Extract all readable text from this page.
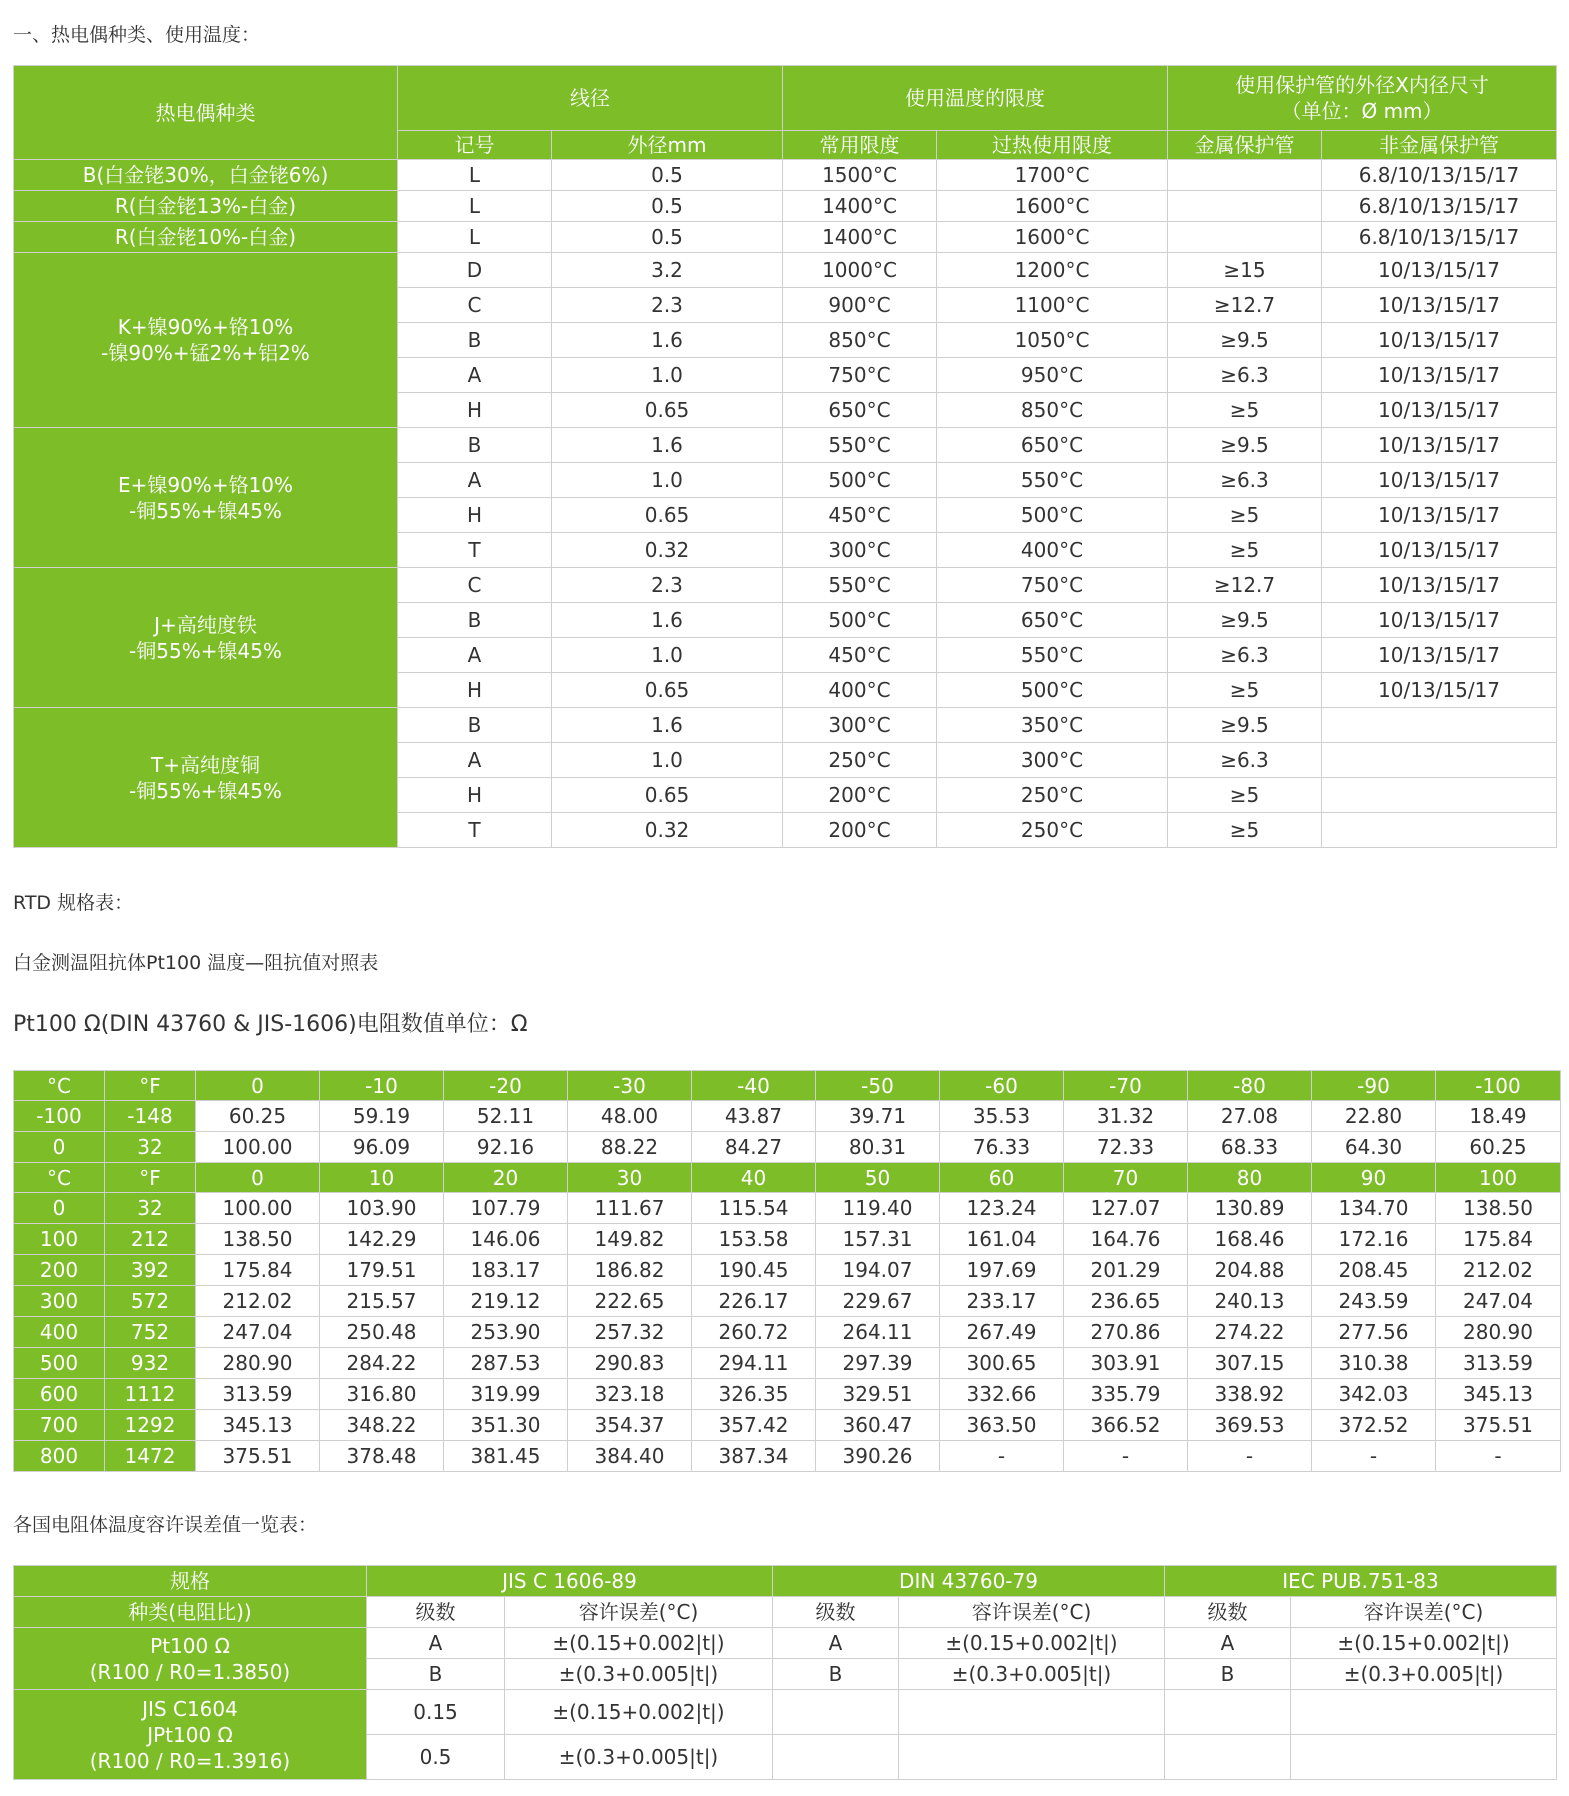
一、热电偶种类、使用温度：
热电偶种类	线径		使用温度的限度		使用保护管的外径X内径尺寸
（单位：Ø mm）	

	记号	外径mm	常用限度	过热使用限度	金属保护管	非金属保护管

B(白金铑30%，白金铑6%)	L	0.5	1500°C	1700°C		6.8/10/13/15/17

R(白金铑13%-白金)	L	0.5	1400°C	1600°C		6.8/10/13/15/17

R(白金铑10%-白金)	L	0.5	1400°C	1600°C		6.8/10/13/15/17

K+镍90%+铬10%
-镍90%+锰2%+铝2%	D	3.2	1000°C	1200°C	≥15	10/13/15/17
	C	2.3	900°C	1100°C	≥12.7	10/13/15/17
	B	1.6	850°C	1050°C	≥9.5	10/13/15/17
	A	1.0	750°C	950°C	≥6.3	10/13/15/17
	H	0.65	650°C	850°C	≥5	10/13/15/17

E+镍90%+铬10%
-铜55%+镍45%	B	1.6	550°C	650°C	≥9.5	10/13/15/17
	A	1.0	500°C	550°C	≥6.3	10/13/15/17
	H	0.65	450°C	500°C	≥5	10/13/15/17
	T	0.32	300°C	400°C	≥5	10/13/15/17

J+高纯度铁
-铜55%+镍45%	C	2.3	550°C	750°C	≥12.7	10/13/15/17
	B	1.6	500°C	650°C	≥9.5	10/13/15/17
	A	1.0	450°C	550°C	≥6.3	10/13/15/17
	H	0.65	400°C	500°C	≥5	10/13/15/17

T+高纯度铜
-铜55%+镍45%	B	1.6	300°C	350°C	≥9.5	
	A	1.0	250°C	300°C	≥6.3	
	H	0.65	200°C	250°C	≥5	
	T	0.32	200°C	250°C	≥5	
RTD 规格表：
白金测温阻抗体Pt100 温度—阻抗值对照表
Pt100 Ω(DIN 43760 & JIS-1606)电阻数值单位：Ω
°C	°F	0	-10	-20	-30	-40	-50	-60	-70	-80	-90	-100
-100	-148	60.25	59.19	52.11	48.00	43.87	39.71	35.53	31.32	27.08	22.80	18.49
0	32	100.00	96.09	92.16	88.22	84.27	80.31	76.33	72.33	68.33	64.30	60.25
°C	°F	0	10	20	30	40	50	60	70	80	90	100
0	32	100.00	103.90	107.79	111.67	115.54	119.40	123.24	127.07	130.89	134.70	138.50
100	212	138.50	142.29	146.06	149.82	153.58	157.31	161.04	164.76	168.46	172.16	175.84
200	392	175.84	179.51	183.17	186.82	190.45	194.07	197.69	201.29	204.88	208.45	212.02
300	572	212.02	215.57	219.12	222.65	226.17	229.67	233.17	236.65	240.13	243.59	247.04
400	752	247.04	250.48	253.90	257.32	260.72	264.11	267.49	270.86	274.22	277.56	280.90
500	932	280.90	284.22	287.53	290.83	294.11	297.39	300.65	303.91	307.15	310.38	313.59
600	1112	313.59	316.80	319.99	323.18	326.35	329.51	332.66	335.79	338.92	342.03	345.13
700	1292	345.13	348.22	351.30	354.37	357.42	360.47	363.50	366.52	369.53	372.52	375.51
800	1472	375.51	378.48	381.45	384.40	387.34	390.26	-	-	-	-	-
各国电阻体温度容许误差值一览表：
规格	JIS C 1606-89		DIN 43760-79		IEC PUB.751-83	
种类(电阻比))	级数	容许误差(°C)	级数	容许误差(°C)	级数	容许误差(°C)

Pt100 Ω
(R100 / R0=1.3850)	A	±(0.15+0.002|t|)	A	±(0.15+0.002|t|)	A	±(0.15+0.002|t|)
	B	±(0.3+0.005|t|)	B	±(0.3+0.005|t|)	B	±(0.3+0.005|t|)

JIS C1604
JPt100 Ω
(R100 / R0=1.3916)	0.15	±(0.15+0.002|t|)				
	0.5	±(0.3+0.005|t|)				
